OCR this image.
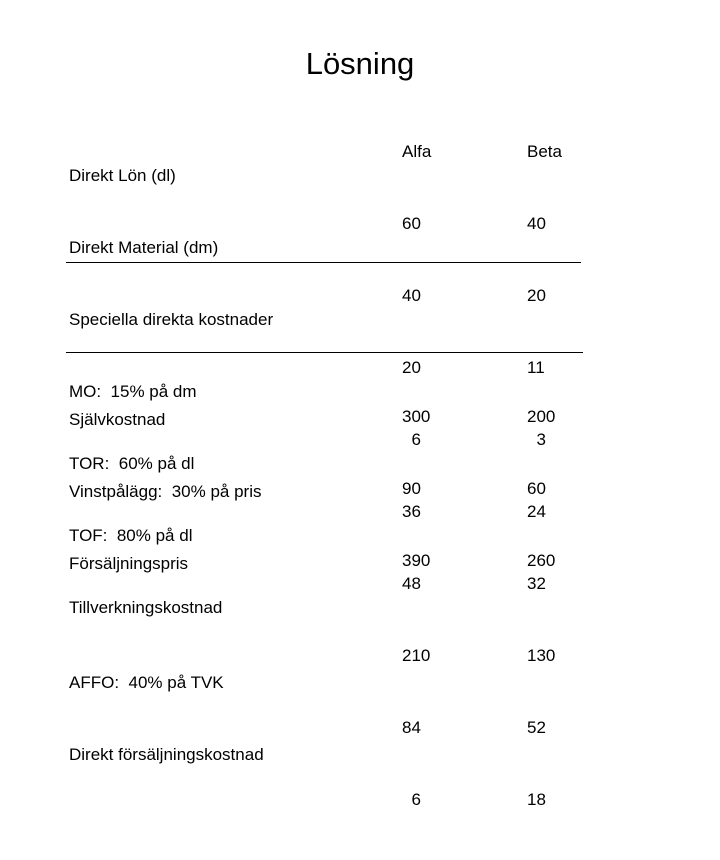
Lösning

Direkt Lön (dl)

Direkt Material (dm)

Speciella direkta kostnader

MO:  15% på dm

TOR:  60% på dl

TOF:  80% på dl

Tillverkningskostnad

AFFO:  40% på TVK

Direkt försäljningskostnad

Alfa

60

40

20

6

36

48

210

84

6

Beta

40

20

11

3

24

32

130

52

18

Självkostnad

Vinstpålägg:  30% på pris

Försäljningspris

300

90

390

200

60

260
